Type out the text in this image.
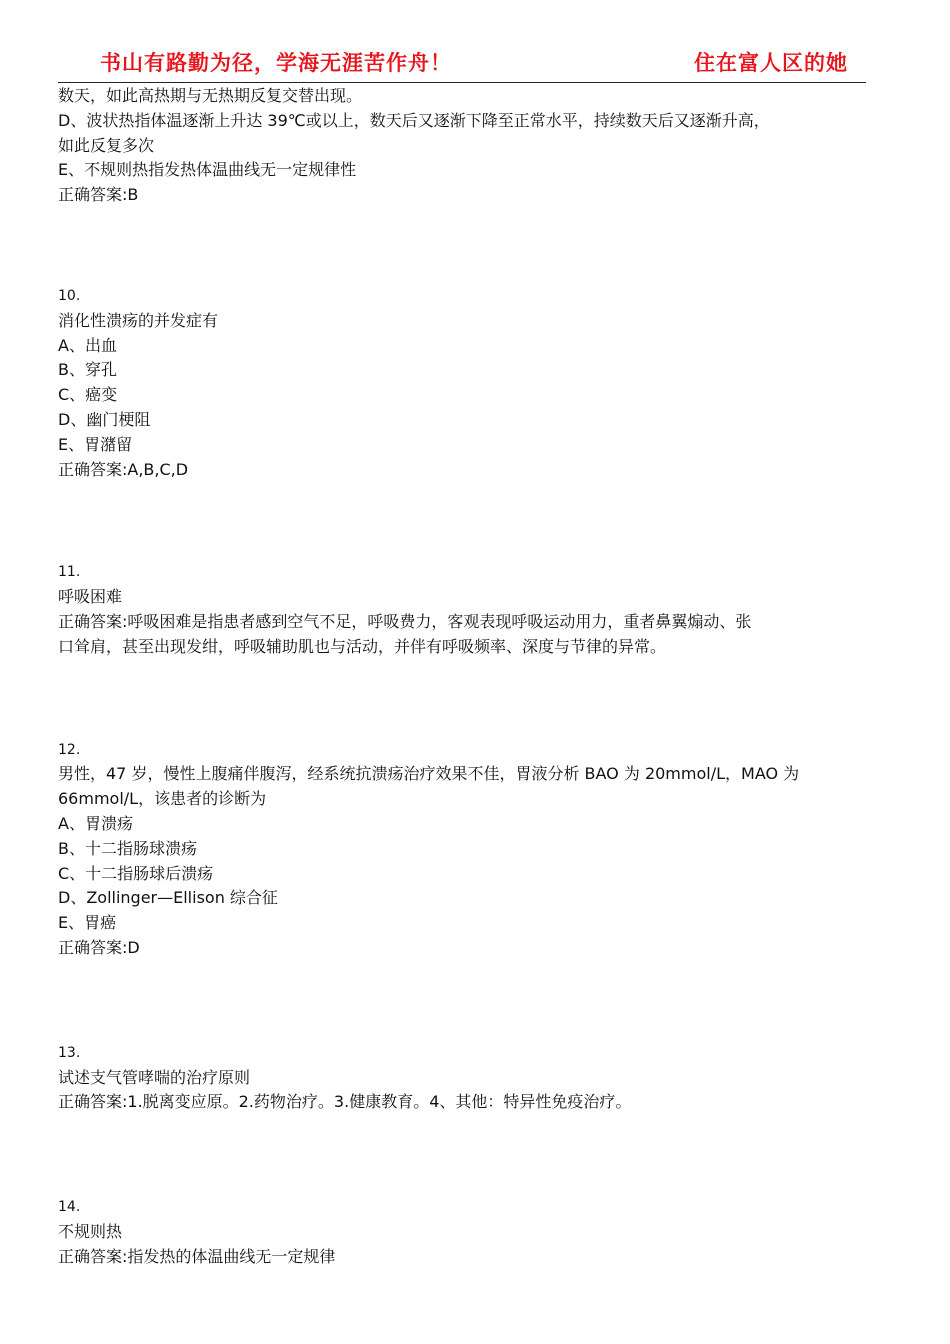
书山有路勤为径，学海无涯苦作舟！	住在富人区的她
数天，如此高热期与无热期反复交替出现。
D、波状热指体温逐渐上升达 39℃或以上，数天后又逐渐下降至正常水平，持续数天后又逐渐升高，
如此反复多次
E、不规则热指发热体温曲线无一定规律性
正确答案:B
10.
消化性溃疡的并发症有
A、出血
B、穿孔
C、癌变
D、幽门梗阻
E、胃潴留
正确答案:A,B,C,D
11.
呼吸困难
正确答案:呼吸困难是指患者感到空气不足，呼吸费力，客观表现呼吸运动用力，重者鼻翼煽动、张
口耸肩，甚至出现发绀，呼吸辅助肌也与活动，并伴有呼吸频率、深度与节律的异常。
12.
男性，47 岁，慢性上腹痛伴腹泻，经系统抗溃疡治疗效果不佳，胃液分析 BAO 为 20mmol/L，MAO 为
66mmol/L，该患者的诊断为
A、胃溃疡
B、十二指肠球溃疡
C、十二指肠球后溃疡
D、Zollinger—Ellison 综合征
E、胃癌
正确答案:D
13.
试述支气管哮喘的治疗原则
正确答案:1.脱离变应原。2.药物治疗。3.健康教育。4、其他：特异性免疫治疗。
14.
不规则热
正确答案:指发热的体温曲线无一定规律
